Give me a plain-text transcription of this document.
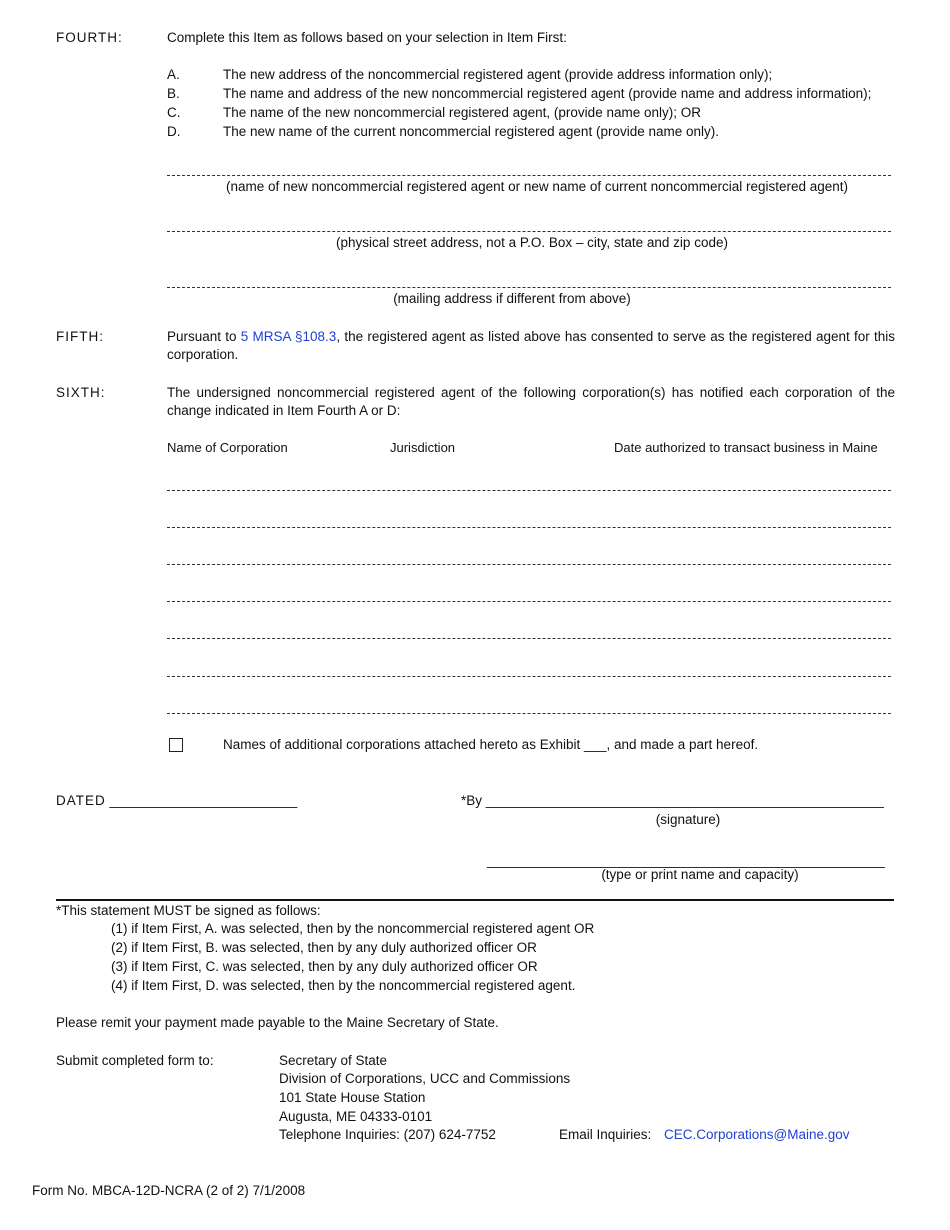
FOURTH:	Complete this Item as follows based on your selection in Item First:
A.	The new address of the noncommercial registered agent (provide address information only);
B.	The name and address of the new noncommercial registered agent (provide name and address information);
C.	The name of the new noncommercial registered agent, (provide name only); OR
D.	The new name of the current noncommercial registered agent (provide name only).
(name of new noncommercial registered agent or new name of current noncommercial registered agent)
(physical street address, not a P.O. Box – city, state and zip code)
(mailing address if different from above)
FIFTH:	Pursuant to 5 MRSA §108.3, the registered agent as listed above has consented to serve as the registered agent for this corporation.
SIXTH:	The undersigned noncommercial registered agent of the following corporation(s) has notified each corporation of the change indicated in Item Fourth A or D:
Name of Corporation	Jurisdiction	Date authorized to transact business in Maine
Names of additional corporations attached hereto as Exhibit ___, and made a part hereof.
DATED _________________________	*By _____________________________________________________
(signature)
_____________________________________________________
(type or print name and capacity)
*This statement MUST be signed as follows:
(1) if Item First, A. was selected, then by the noncommercial registered agent OR
(2) if Item First, B. was selected, then by any duly authorized officer OR
(3) if Item First, C. was selected, then by any duly authorized officer OR
(4) if Item First, D. was selected, then by the noncommercial registered agent.
Please remit your payment made payable to the Maine Secretary of State.
Submit completed form to:	Secretary of State
Division of Corporations, UCC and Commissions
101 State House Station
Augusta, ME 04333-0101
Telephone Inquiries: (207) 624-7752	Email Inquiries: CEC.Corporations@Maine.gov
Form No. MBCA-12D-NCRA (2 of 2) 7/1/2008
